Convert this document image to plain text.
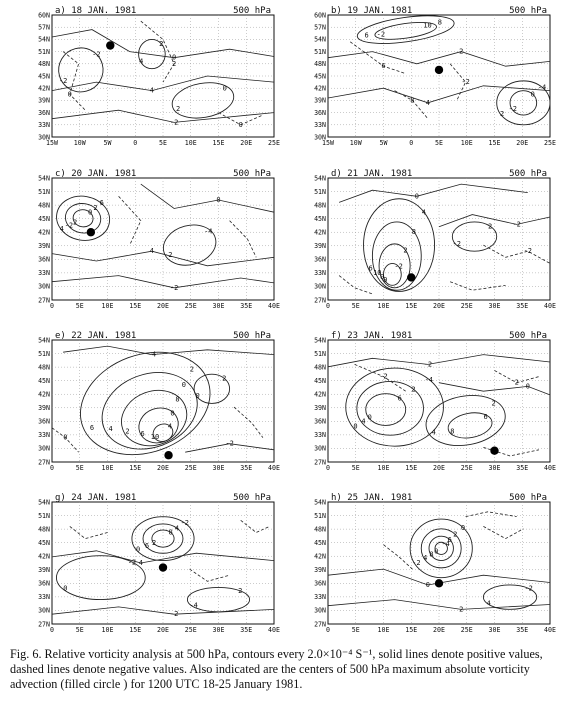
-2
-2
2
4
0
2
0
4
-2
0
2
0
15W 10W	5W	0	5E	10E 15E 20E 25E
30N
33N
36N
39N
42N
45N
48N
51N
54N
57N
60N a) 18 JAN. 1981	500 hPa
8
6
10
-2
-4
2
0
-2
2
4
6
8
-2
15W 10W	5W	0	5E	10E 15E 20E 25E
30N
33N
36N
39N
42N
45N
48N
51N
54N
57N
60N b) 19 JAN. 1981	500 hPa
6
4
2
-2
0
2
-4
-2
4
-2
0
0	5E	10E 15E 20E 25E 30E 35E 40E
27N
30N
33N
36N
39N
42N
45N
48N
51N
54N c) 20 JAN. 1981	500 hPa
4
6
8
10
2
0
-2
0
2
-2
0
-2
-2
0	5E	10E 15E 20E 25E 30E 35E 40E
27N
30N
33N
36N
39N
42N
45N
48N
51N
54N d) 21 JAN. 1981	500 hPa
2
6
0
4
8
2
0
6
4
10
2
0
-4
-2
0
0	5E	10E 15E 20E 25E 30E 35E 40E
27N
30N
33N
36N
39N
42N
45N
48N
51N
54N e) 22 JAN. 1981	500 hPa
-4
0
2
4
6
0
2
4
6
8
-2
0
-2
2
0	5E	10E 15E 20E 25E 30E 35E 40E
27N
30N
33N
36N
39N
42N
45N
48N
51N
54N f) 23 JAN. 1981	500 hPa
-2
0
4
6
8
2
-2
0	2
-4
4
-2
0	5E	10E 15E 20E 25E 30E 35E 40E
27N
30N
33N
36N
39N
42N
45N
48N
51N
54N g) 24 JAN. 1981	500 hPa
0
-2
2
4
6
8
-4
0
-2
4
0
2
0	5E	10E 15E 20E 25E 30E 35E 40E
27N
30N
33N
36N
39N
42N
45N
48N
51N
54N h) 25 JAN. 1981	500 hPa

Fig. 6. Relative vorticity analysis at 500 hPa, contours every 2.0×10⁻⁴ S⁻¹, solid lines denote positive values, dashed lines denote negative values. Also indicated are the centers of 500 hPa maximum absolute vorticity advection (filled circle ) for 1200 UTC 18-25 January 1981.
